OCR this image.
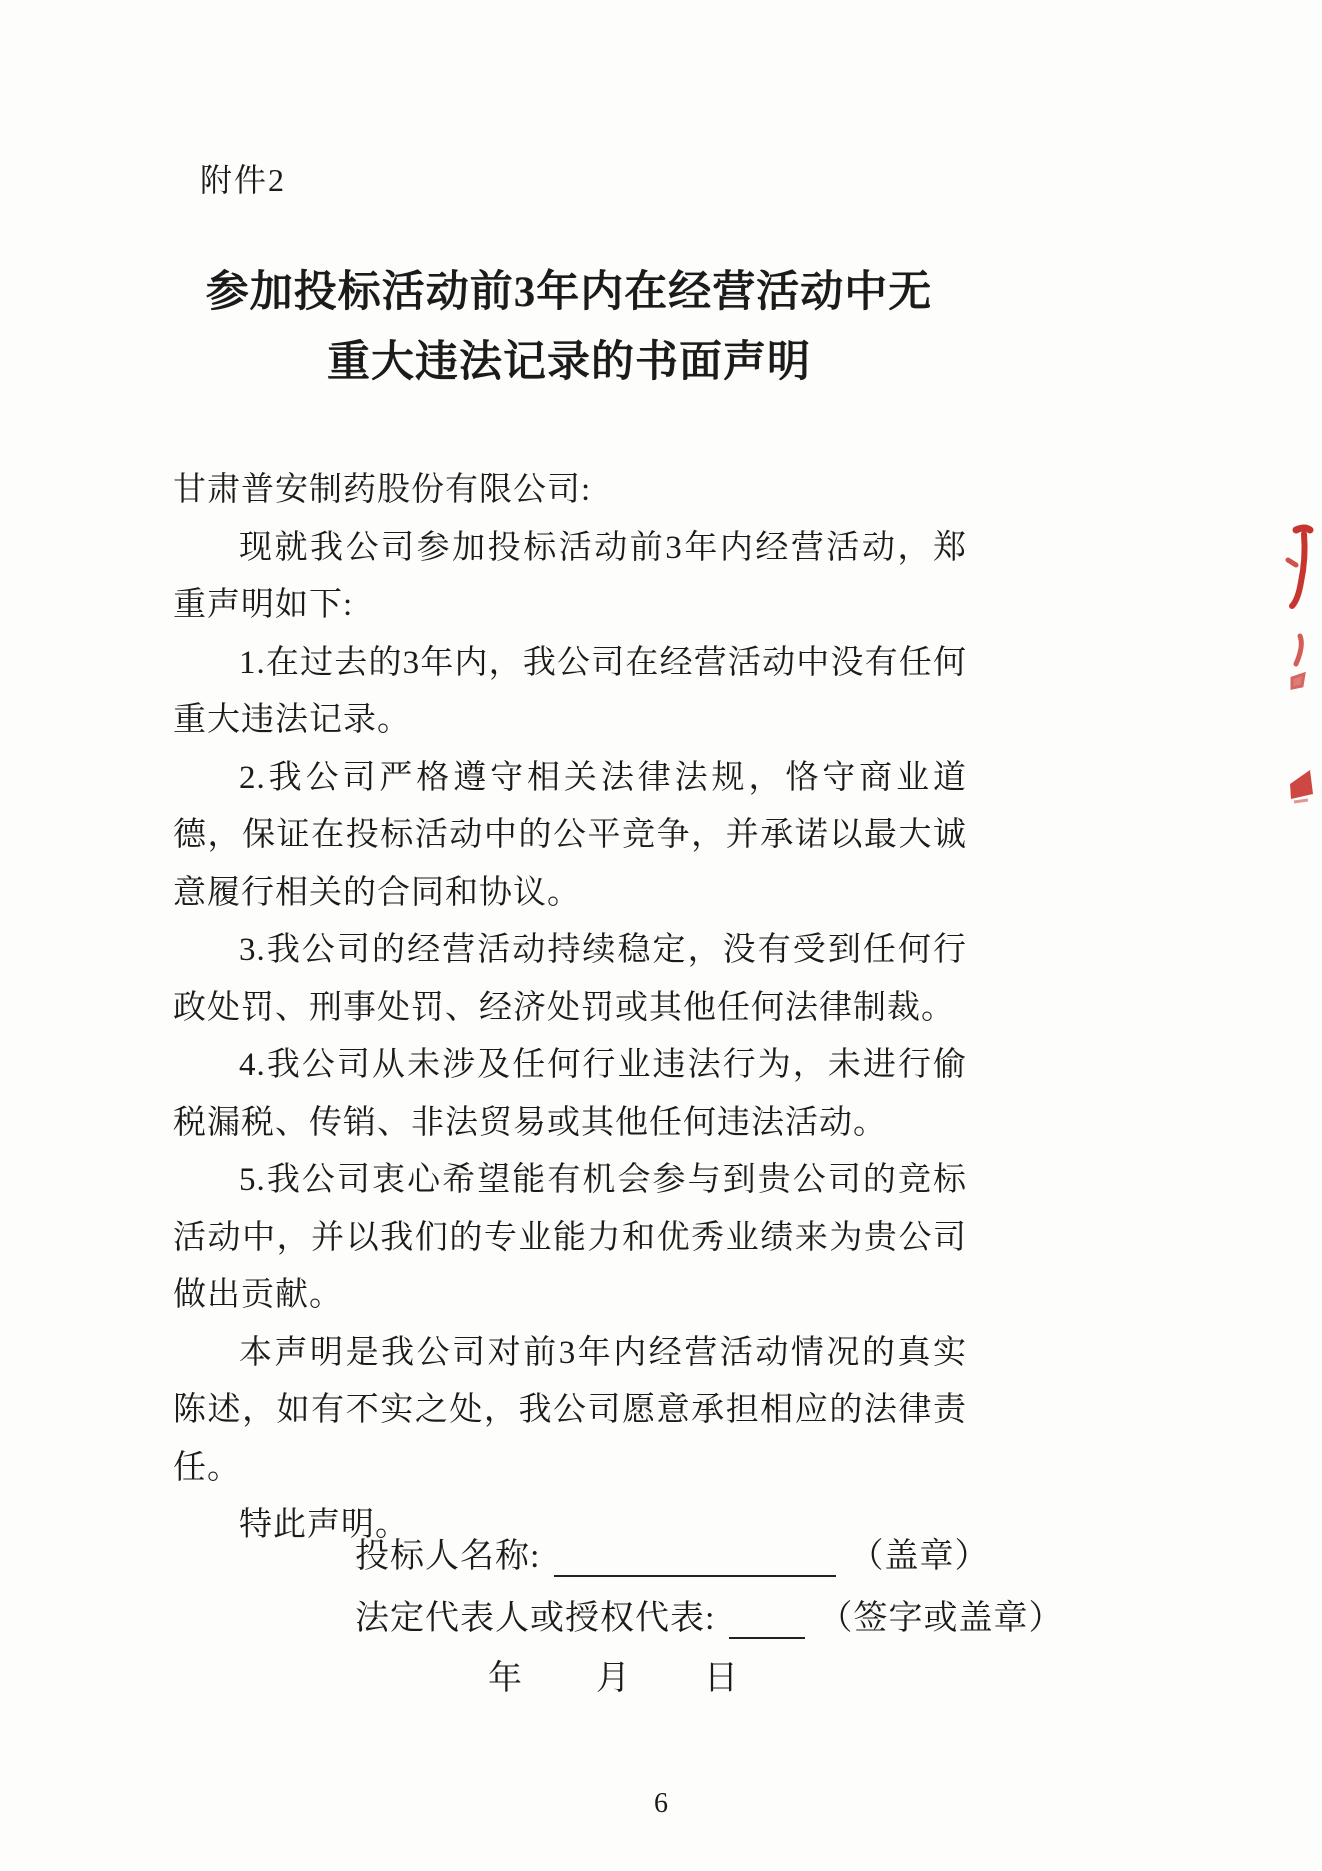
附件2
参加投标活动前3年内在经营活动中无
重大违法记录的书面声明

甘肃普安制药股份有限公司:

现就我公司参加投标活动前3年内经营活动，郑重声明如下:

1.在过去的3年内，我公司在经营活动中没有任何重大违法记录。

2.我公司严格遵守相关法律法规，恪守商业道德，保证在投标活动中的公平竞争，并承诺以最大诚意履行相关的合同和协议。

3.我公司的经营活动持续稳定，没有受到任何行政处罚、刑事处罚、经济处罚或其他任何法律制裁。

4.我公司从未涉及任何行业违法行为，未进行偷税漏税、传销、非法贸易或其他任何违法活动。

5.我公司衷心希望能有机会参与到贵公司的竞标活动中，并以我们的专业能力和优秀业绩来为贵公司做出贡献。

本声明是我公司对前3年内经营活动情况的真实陈述，如有不实之处，我公司愿意承担相应的法律责任。

特此声明。

投标人名称:	（盖章）
法定代表人或授权代表:	（签字或盖章）
年　　月　　日
6
